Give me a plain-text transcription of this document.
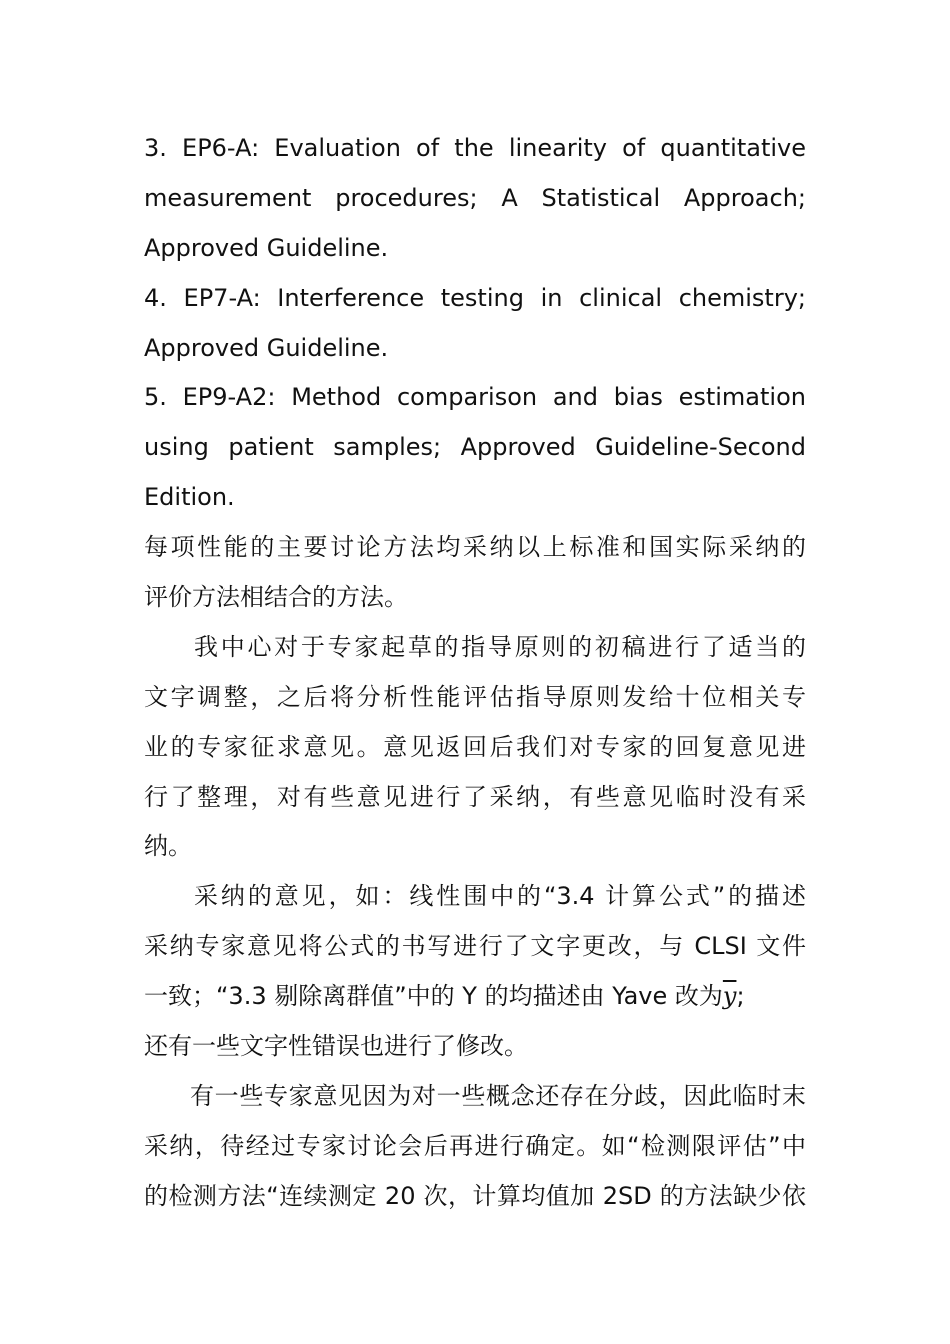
3. EP6-A: Evaluation of the linearity of quantitative
measurement procedures; A Statistical Approach;
Approved Guideline.
4. EP7-A: Interference testing in clinical chemistry;
Approved Guideline.
5. EP9-A2: Method comparison and bias estimation
using patient samples; Approved Guideline-Second
Edition.
每项性能的主要讨论方法均采纳以上标准和国实际采纳的
评价方法相结合的方法。
我中心对于专家起草的指导原则的初稿进行了适当的
文字调整，之后将分析性能评估指导原则发给十位相关专
业的专家征求意见。意见返回后我们对专家的回复意见进
行了整理，对有些意见进行了采纳，有些意见临时没有采
纳。
采纳的意见，如：线性围中的“3.4 计算公式”的描述
采纳专家意见将公式的书写进行了文字更改，与 CLSI 文件
一致；“3.3 剔除离群值”中的 Y 的均描述由 Yave 改为$\overline{y}$;
还有一些文字性错误也进行了修改。
有一些专家意见因为对一些概念还存在分歧，因此临时末
采纳，待经过专家讨论会后再进行确定。如“检测限评估”中
的检测方法“连续测定 20 次，计算均值加 2SD 的方法缺少依
